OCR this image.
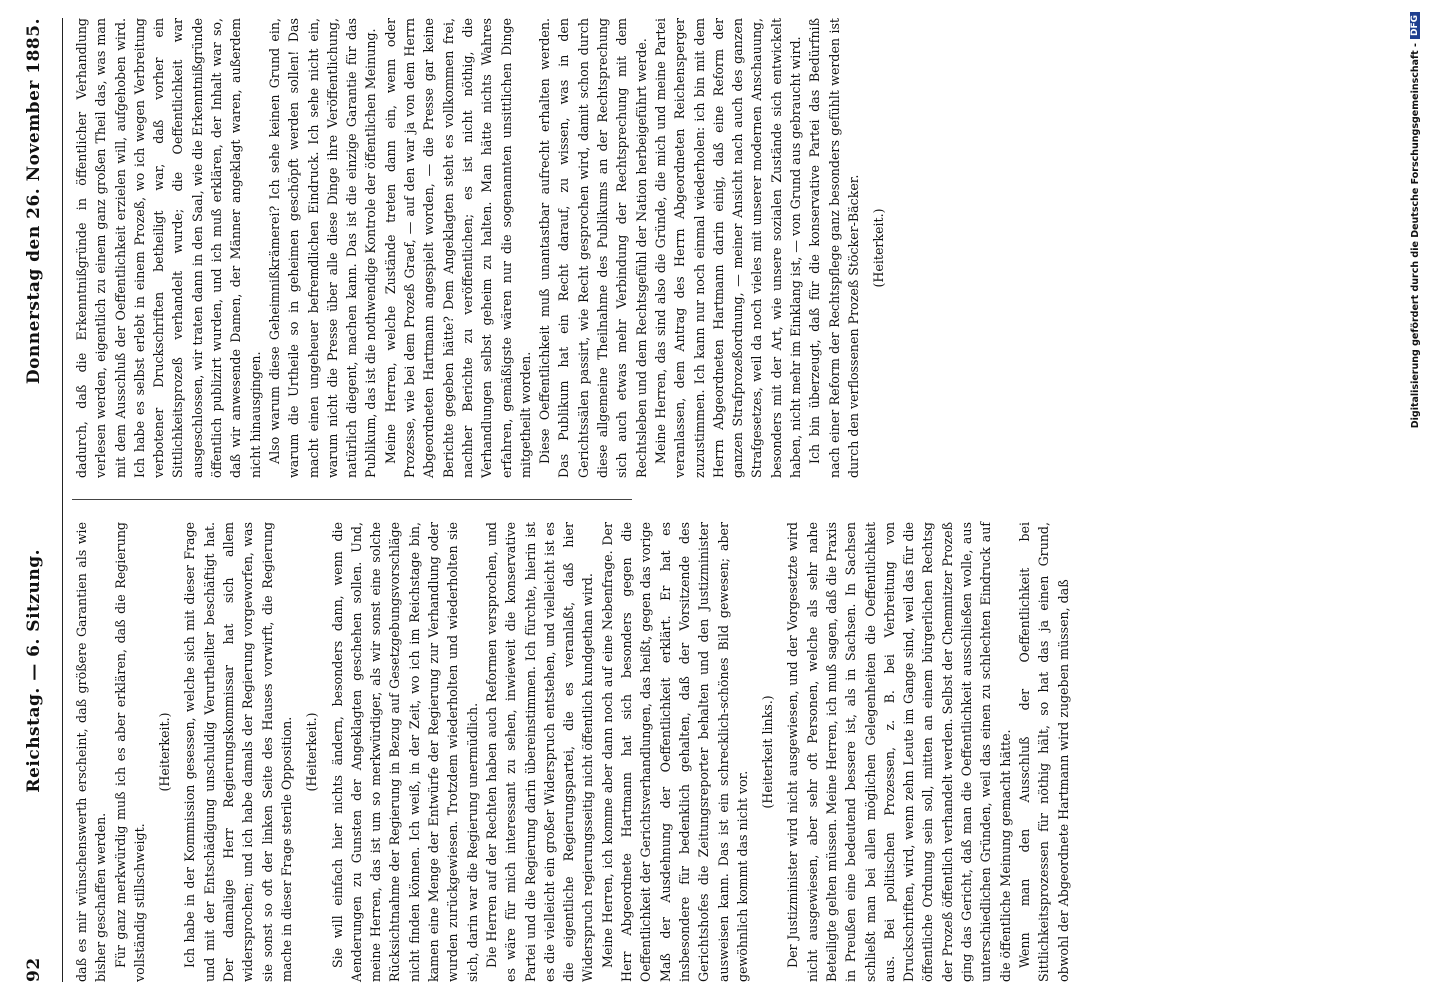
92
Reichstag. — 6. Sitzung.
Donnerstag den 26. November 1885.

daß es mir wünschenswerth erscheint, daß größere Garantien als wie bisher geschaffen werden. Für ganz merkwürdig muß ich es aber erklären, daß die Regierung vollständig stillschweigt.

(Heiterkeit.) Ich habe in der Kommission gesessen, welche sich mit dieser Frage und mit der Entschädigung unschuldig Verurtheilter beschäftigt hat. Der damalige Herr Regierungskommissar hat sich allem widersprochen; und ich habe damals der Regierung vorgeworfen, was sie sonst so oft der linken Seite des Hauses vorwirft, die Regierung mache in dieser Frage sterile Opposition. (Heiterkeit.) Sie will einfach hier nichts ändern, besonders dann, wenn die Aenderungen zu Gunsten der Angeklagten geschehen sollen. Und, meine Herren, das ist um so merkwürdiger, als wir sonst eine solche Rücksichtnahme der Regierung in Bezug auf Gesetzgebungsvorschläge nicht finden können. Ich weiß, in der Zeit, wo ich im Reichstage bin, kamen eine Menge der Entwürfe der Regierung zur Verhandlung oder wurden zurückgewiesen. Trotzdem wiederholten und wiederholten sie sich, darin war die Regierung unermüdlich. Die Herren auf der Rechten haben auch Reformen versprochen, und es wäre für mich interessant zu sehen, inwieweit die konservative Partei und die Regierung darin übereinstimmen. Ich fürchte, hierin ist es die vielleicht ein großer Widerspruch entstehen, und vielleicht ist es die eigentliche Regierungspartei, die es veranlaßt, daß hier Widerspruch regierungsseitig nicht öffentlich kundgethan wird. Meine Herren, ich komme aber dann noch auf eine Nebenfrage. Der Herr Abgeordnete Hartmann hat sich besonders gegen die Oeffentlichkeit der Gerichtsverhandlungen, das heißt, gegen das vorige Maß der Ausdehnung der Oeffentlichkeit erklärt. Er hat es insbesondere für bedenklich gehalten, daß der Vorsitzende des Gerichtshofes die Zeitungsreporter behalten und den Justizminister ausweisen kann. Das ist ein schrecklich-schönes Bild gewesen; aber gewöhnlich kommt das nicht vor.

(Heiterkeit links.) Der Justizminister wird nicht ausgewiesen, und der Vorgesetzte wird nicht ausgewiesen, aber sehr oft Personen, welche als sehr nahe Beteiligte gelten müssen. Meine Herren, ich muß sagen, daß die Praxis in Preußen eine bedeutend bessere ist, als in Sachsen. In Sachsen schließt man bei allen möglichen Gelegenheiten die Oeffentlichkeit aus. Bei politischen Prozessen, z. B. bei Verbreitung von Druckschriften, wird, wenn zehn Leute im Gange sind, weil das für die öffentliche Ordnung sein soll, mitten an einem bürgerlichen Rechtsg der Prozeß öffentlich verhandelt werden. Selbst der Chemnitzer Prozeß ging das Gericht, daß man die Oeffentlichkeit ausschließen wolle, aus unterschiedlichen Gründen, weil das einen zu schlechten Eindruck auf die öffentliche Meinung gemacht hätte. Wenn man den Ausschluß der Oeffentlichkeit bei Sittlichkeitsprozessen für nöthig hält, so hat das ja einen Grund, obwohl der Abgeordnete Hartmann wird zugeben müssen, daß

dadurch, daß die Erkenntnißgründe in öffentlicher Verhandlung verlesen werden, eigentlich zu einem ganz großen Theil das, was man mit dem Ausschluß der Oeffentlichkeit erzielen will, aufgehoben wird. Ich habe es selbst erlebt in einem Prozeß, wo ich wegen Verbreitung verbotener Druckschriften betheiligt war, daß vorher ein Sittlichkeitsprozeß verhandelt wurde; die Oeffentlichkeit war ausgeschlossen, wir traten dann in den Saal, wie die Erkenntnißgründe öffentlich publizirt wurden, und ich muß erklären, der Inhalt war so, daß wir anwesende Damen, der Männer angeklagt waren, außerdem nicht hinausgingen. Also warum diese Geheimnißkrämerei? Ich sehe keinen Grund ein, warum die Urtheile so in geheimen geschöpft werden sollen! Das macht einen ungeheuer befremdlichen Eindruck. Ich sehe nicht ein, warum nicht die Presse über alle diese Dinge ihre Veröffentlichung, natürlich diegent, machen kann. Das ist die einzige Garantie für das Publikum, das ist die nothwendige Kontrole der öffentlichen Meinung. Meine Herren, welche Zustände treten dann ein, wenn oder Prozesse, wie bei dem Prozeß Graef, — auf den war ja von dem Herrn Abgeordneten Hartmann angespielt worden, — die Presse gar keine Berichte gegeben hätte? Dem Angeklagten steht es vollkommen frei, nachher Berichte zu veröffentlichen; es ist nicht nöthig, die Verhandlungen selbst geheim zu halten. Man hätte nichts Wahres erfahren, gemäßigste wären nur die sogenannten unsittlichen Dinge mitgetheilt worden. Diese Oeffentlichkeit muß unantastbar aufrecht erhalten werden. Das Publikum hat ein Recht darauf, zu wissen, was in den Gerichtssälen passirt, wie Recht gesprochen wird, damit schon durch diese allgemeine Theilnahme des Publikums an der Rechtsprechung sich auch etwas mehr Verbindung der Rechtsprechung mit dem Rechtsleben und dem Rechtsgefühl der Nation herbeigeführt werde. Meine Herren, das sind also die Gründe, die mich und meine Partei veranlassen, dem Antrag des Herrn Abgeordneten Reichensperger zuzustimmen. Ich kann nur noch einmal wiederholen: ich bin mit dem Herrn Abgeordneten Hartmann darin einig, daß eine Reform der ganzen Strafprozeßordnung, — meiner Ansicht nach auch des ganzen Strafgesetzes, weil da noch vieles mit unserer modernen Anschauung, besonders mit der Art, wie unsere sozialen Zustände sich entwickelt haben, nicht mehr im Einklang ist, — von Grund aus gebraucht wird. Ich bin überzeugt, daß für die konservative Partei das Bedürfniß nach einer Reform der Rechtspflege ganz besonders gefühlt werden ist durch den verflossenen Prozeß Stöcker-Bäcker. (Heiterkeit.)	Digitalisierung gefördert durch die Deutsche Forschungsgemeinschaft -
DFG
